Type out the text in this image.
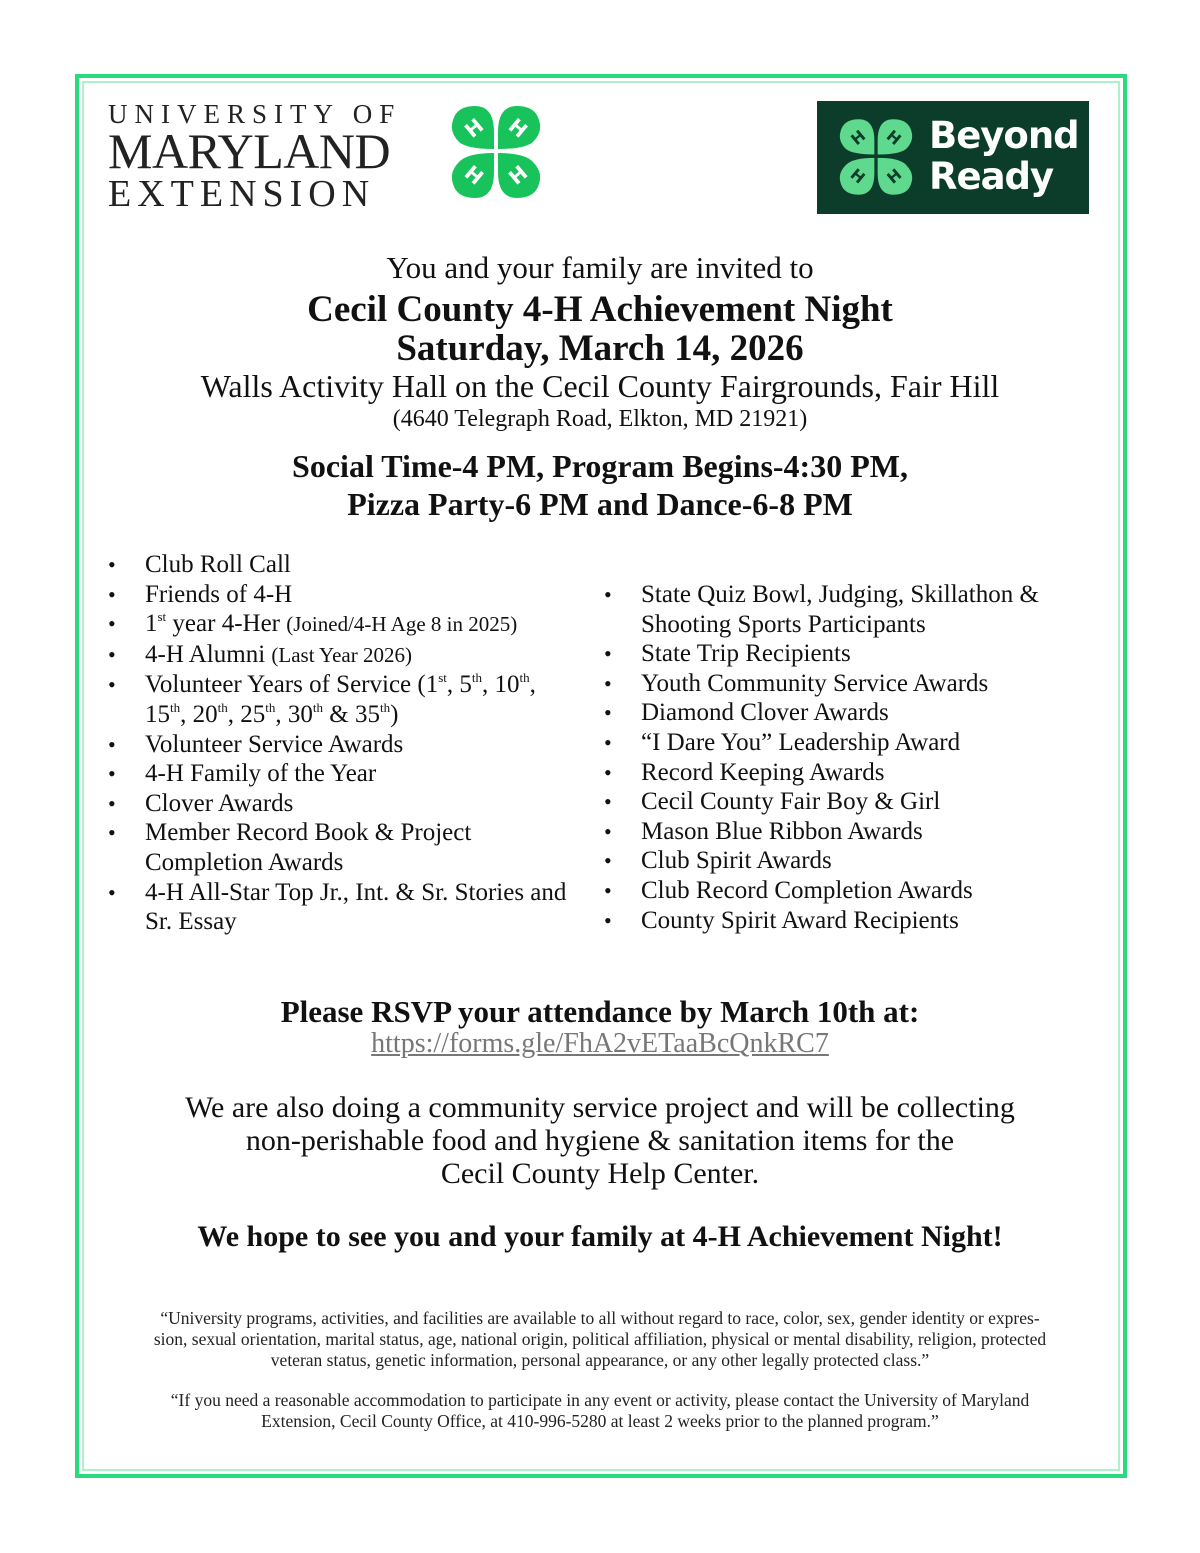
UNIVERSITY OF
MARYLAND
EXTENSION
H H
H H
H H
H H
Beyond
Ready
You and your family are invited to
Cecil County 4-H Achievement Night
Saturday, March 14, 2026
Walls Activity Hall on the Cecil County Fairgrounds, Fair Hill
(4640 Telegraph Road, Elkton, MD 21921)
Social Time-4 PM, Program Begins-4:30 PM,
Pizza Party-6 PM and Dance-6-8 PM
• Club Roll Call
• Friends of 4-H
• 1st year 4-Her (Joined/4-H Age 8 in 2025)
• 4-H Alumni (Last Year 2026)
• Volunteer Years of Service (1st, 5th, 10th,
15th, 20th, 25th, 30th & 35th)
• Volunteer Service Awards
• 4-H Family of the Year
• Clover Awards
• Member Record Book & Project Completion Awards
• 4-H All-Star Top Jr., Int. & Sr. Stories and Sr. Essay
• State Quiz Bowl, Judging, Skillathon & Shooting Sports Participants
• State Trip Recipients
• Youth Community Service Awards
• Diamond Clover Awards
• “I Dare You” Leadership Award
• Record Keeping Awards
• Cecil County Fair Boy & Girl
• Mason Blue Ribbon Awards
• Club Spirit Awards
• Club Record Completion Awards
• County Spirit Award Recipients
Please RSVP your attendance by March 10th at:
https://forms.gle/FhA2vETaaBcQnkRC7
We are also doing a community service project and will be collecting
non-perishable food and hygiene & sanitation items for the
Cecil County Help Center.
We hope to see you and your family at 4-H Achievement Night!
“University programs, activities, and facilities are available to all without regard to race, color, sex, gender identity or expres-
sion, sexual orientation, marital status, age, national origin, political affiliation, physical or mental disability, religion, protected
veteran status, genetic information, personal appearance, or any other legally protected class.”
“If you need a reasonable accommodation to participate in any event or activity, please contact the University of Maryland
Extension, Cecil County Office, at 410-996-5280 at least 2 weeks prior to the planned program.”
